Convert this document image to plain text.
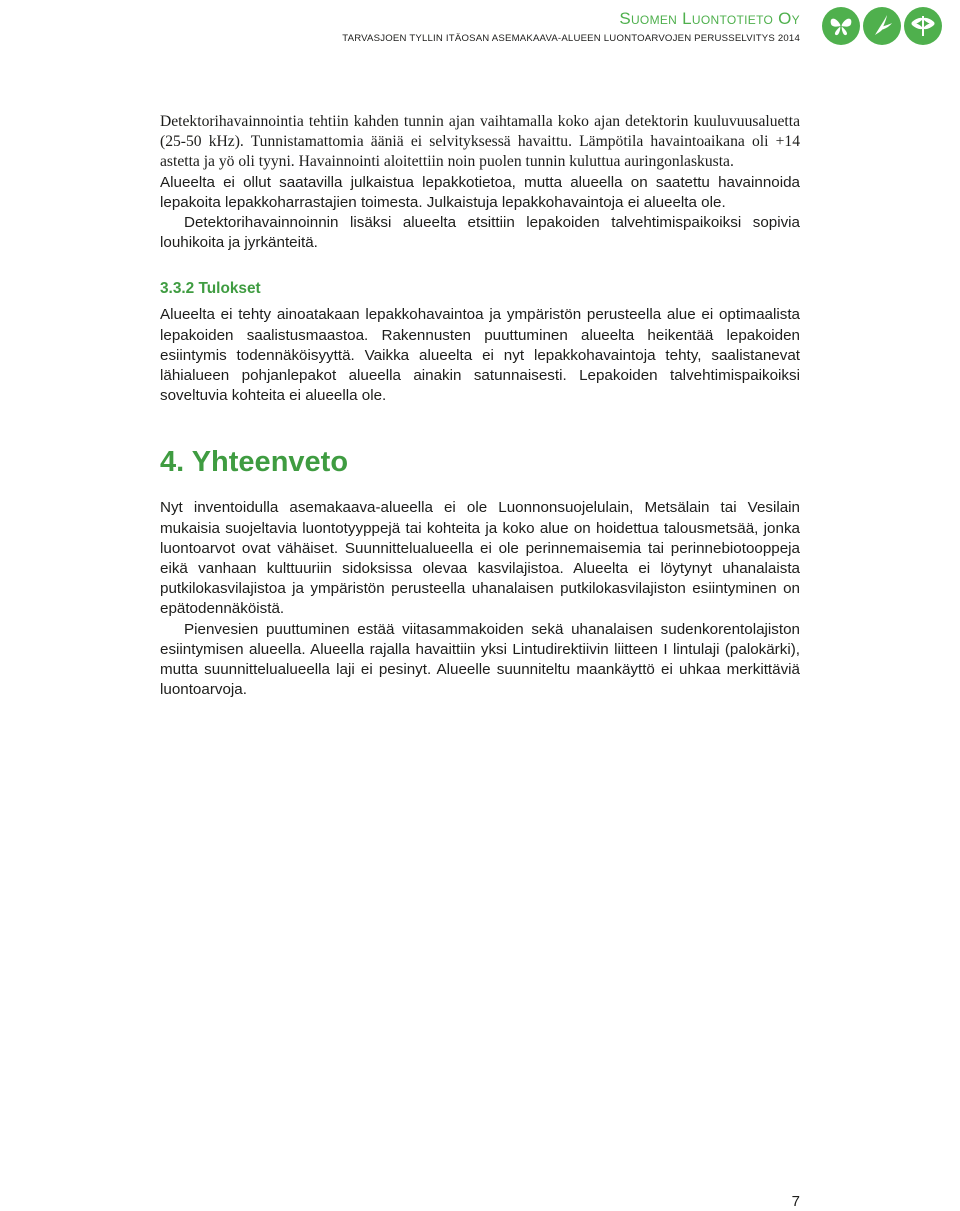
Suomen Luontotieto Oy
TARVASJOEN TYLLIN ITÄOSAN ASEMAKAAVA-ALUEEN LUONTOARVOJEN PERUSSELVITYS 2014

Detektorihavainnointia tehtiin kahden tunnin ajan vaihtamalla koko ajan detektorin kuuluvuusaluetta (25-50 kHz). Tunnistamattomia ääniä ei selvityksessä havaittu. Lämpötila havaintoaikana oli +14 astetta ja yö oli tyyni. Havainnointi aloitettiin noin puolen tunnin kuluttua auringonlaskusta.

Alueelta ei ollut saatavilla julkaistua lepakkotietoa, mutta alueella on saatettu havainnoida lepakoita lepakkoharrastajien toimesta. Julkaistuja lepakkohavaintoja ei alueelta ole.

Detektorihavainnoinnin lisäksi alueelta etsittiin lepakoiden talvehtimispaikoiksi sopivia louhikoita ja jyrkänteitä.

3.3.2 Tulokset

Alueelta ei tehty ainoatakaan lepakkohavaintoa ja ympäristön perusteella alue ei optimaalista lepakoiden saalistusmaastoa. Rakennusten puuttuminen alueelta heikentää lepakoiden esiintymis todennäköisyyttä. Vaikka alueelta ei nyt lepakkohavaintoja tehty, saalistanevat lähialueen pohjanlepakot alueella ainakin satunnaisesti. Lepakoiden talvehtimispaikoiksi soveltuvia kohteita ei alueella ole.

4. Yhteenveto

Nyt inventoidulla asemakaava-alueella ei ole Luonnonsuojelulain, Metsälain tai Vesilain mukaisia suojeltavia luontotyyppejä tai kohteita ja koko alue on hoidettua talousmetsää, jonka luontoarvot ovat vähäiset. Suunnittelualueella ei ole perinnemaisemia tai perinnebiotooppeja eikä vanhaan kulttuuriin sidoksissa olevaa kasvilajistoa. Alueelta ei löytynyt uhanalaista putkilokasvilajistoa ja ympäristön perusteella uhanalaisen putkilokasvilajiston esiintyminen on epätodennäköistä.

Pienvesien puuttuminen estää viitasammakoiden sekä uhanalaisen sudenkorentolajiston esiintymisen alueella. Alueella rajalla havaittiin yksi Lintudirektiivin liitteen I lintulaji (palokärki), mutta suunnittelualueella laji ei pesinyt. Alueelle suunniteltu maankäyttö ei uhkaa merkittäviä luontoarvoja.

7
